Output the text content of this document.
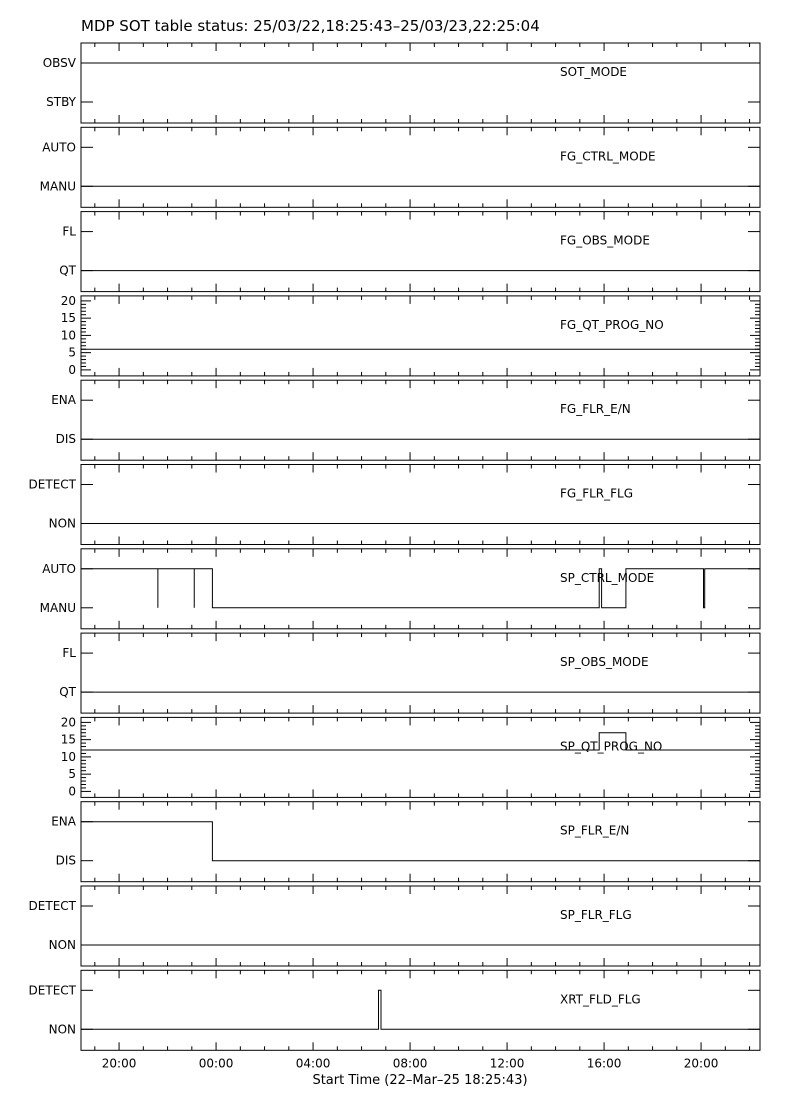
MDP SOT table status: 25/03/22,18:25:43–25/03/23,22:25:04
OBSV
STBY
SOT_MODE
AUTO
MANU
FG_CTRL_MODE
FL
QT
FG_OBS_MODE
20
15
10
5
0
FG_QT_PROG_NO
ENA
DIS
FG_FLR_E/N
DETECT
NON
FG_FLR_FLG
AUTO
MANU
SP_CTRL_MODE
FL
QT
SP_OBS_MODE
20
15
10
5
0
SP_QT_PROG_NO
ENA
DIS
SP_FLR_E/N
DETECT
NON
SP_FLR_FLG
DETECT
NON
XRT_FLD_FLG
20:00	00:00	04:00	08:00	12:00	16:00	20:00
Start Time (22–Mar–25 18:25:43)
